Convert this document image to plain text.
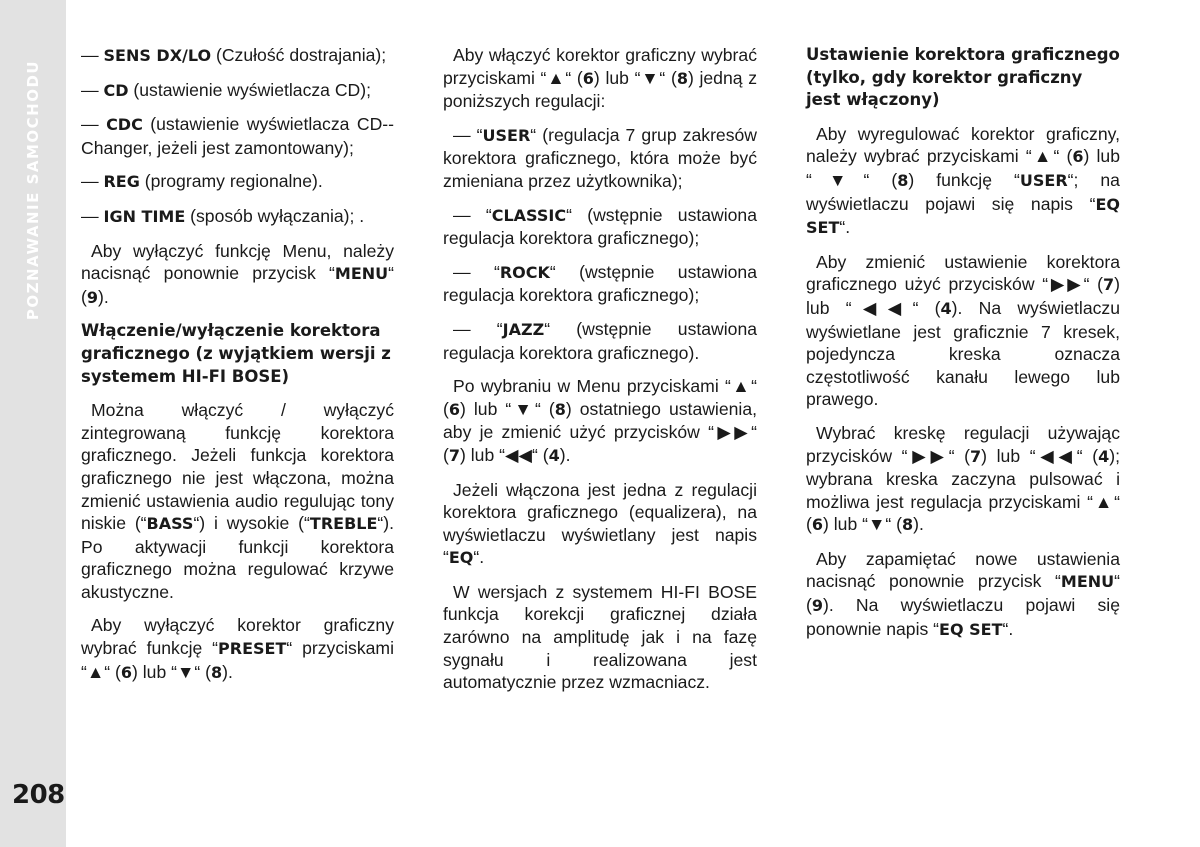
POZNAWANIE SAMOCHODU
208

— SENS DX/LO (Czułość dostrajania);

— CD (ustawienie wyświetlacza CD);

— CDC (ustawienie wyświetlacza CD--Changer, jeżeli jest zamontowany);

— REG (programy regionalne).

— IGN TIME (sposób wyłączania); .

Aby wyłączyć funkcję Menu, należy nacisnąć ponownie przycisk “MENU“ (9).

Włączenie/wyłączenie korektora graficznego (z wyjątkiem wersji z systemem HI-FI BOSE)

Można włączyć / wyłączyć zintegrowaną funkcję korektora graficznego. Jeżeli funkcja korektora graficznego nie jest włączona, można zmienić ustawienia audio regulując tony niskie (“BASS“) i wysokie (“TREBLE“). Po aktywacji funkcji korektora graficznego można regulować krzywe akustyczne.

Aby wyłączyć korektor graficzny wybrać funkcję “PRESET“ przyciskami “▲“ (6) lub “▼“ (8).

Aby włączyć korektor graficzny wybrać przyciskami “▲“ (6) lub “▼“ (8) jedną z poniższych regulacji:

— “USER“ (regulacja 7 grup zakresów korektora graficznego, która może być zmieniana przez użytkownika);

— “CLASSIC“ (wstępnie ustawiona regulacja korektora graficznego);

— “ROCK“ (wstępnie ustawiona regulacja korektora graficznego);

— “JAZZ“ (wstępnie ustawiona regulacja korektora graficznego).

Po wybraniu w Menu przyciskami “▲“ (6) lub “▼“ (8) ostatniego ustawienia, aby je zmienić użyć przycisków “▶▶“ (7) lub “◀◀“ (4).

Jeżeli włączona jest jedna z regulacji korektora graficznego (equalizera), na wyświetlaczu wyświetlany jest napis “EQ“.

W wersjach z systemem HI-FI BOSE funkcja korekcji graficznej działa zarówno na amplitudę jak i na fazę sygnału i realizowana jest automatycznie przez wzmacniacz.

Ustawienie korektora graficznego (tylko, gdy korektor graficzny jest włączony)

Aby wyregulować korektor graficzny, należy wybrać przyciskami “▲“ (6) lub “▼“ (8) funkcję “USER“; na wyświetlaczu pojawi się napis “EQ SET“.

Aby zmienić ustawienie korektora graficznego użyć przycisków “▶▶“ (7) lub “◀◀“ (4). Na wyświetlaczu wyświetlane jest graficznie 7 kresek, pojedyncza kreska oznacza częstotliwość kanału lewego lub prawego.

Wybrać kreskę regulacji używając przycisków “▶▶“ (7) lub “◀◀“ (4); wybrana kreska zaczyna pulsować i możliwa jest regulacja przyciskami “▲“ (6) lub “▼“ (8).

Aby zapamiętać nowe ustawienia nacisnąć ponownie przycisk “MENU“ (9). Na wyświetlaczu pojawi się ponownie napis “EQ SET“.
